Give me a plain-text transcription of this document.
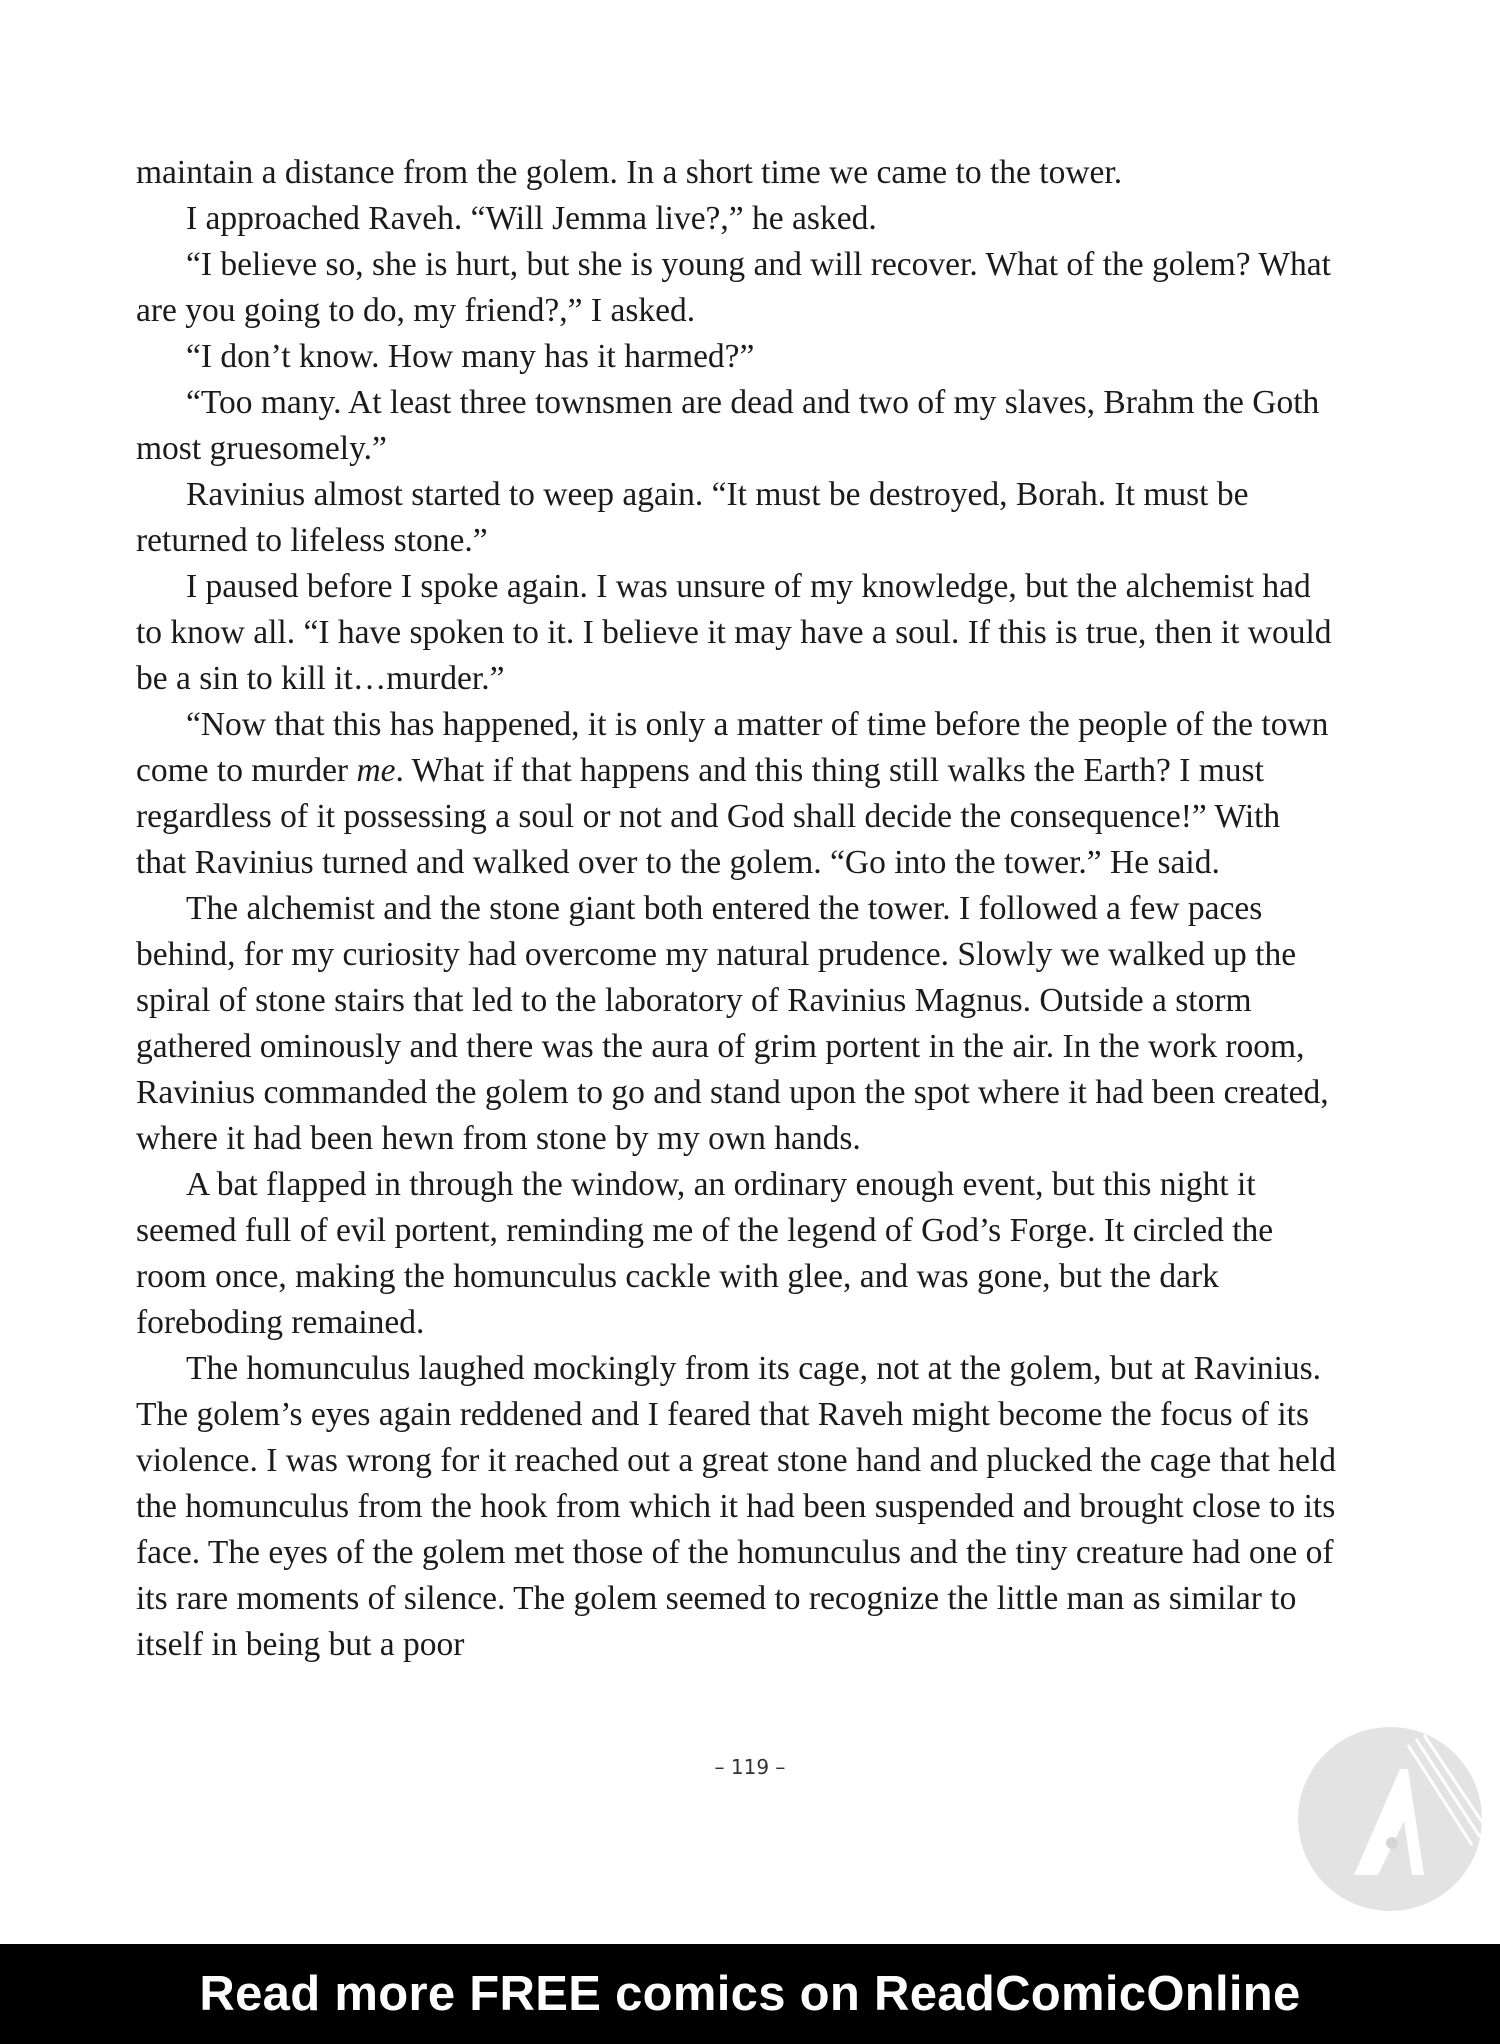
maintain a distance from the golem. In a short time we came to the tower.

I approached Raveh. “Will Jemma live?,” he asked.

“I believe so, she is hurt, but she is young and will recover. What of the golem? What are you going to do, my friend?,” I asked.

“I don’t know. How many has it harmed?”

“Too many. At least three townsmen are dead and two of my slaves, Brahm the Goth most gruesomely.”

Ravinius almost started to weep again. “It must be destroyed, Borah. It must be returned to lifeless stone.”

I paused before I spoke again. I was unsure of my knowledge, but the alchemist had to know all. “I have spoken to it. I believe it may have a soul. If this is true, then it would be a sin to kill it…murder.”

“Now that this has happened, it is only a matter of time before the people of the town come to murder me. What if that happens and this thing still walks the Earth? I must regardless of it possessing a soul or not and God shall decide the consequence!” With that Ravinius turned and walked over to the golem. “Go into the tower.” He said.

The alchemist and the stone giant both entered the tower. I followed a few paces behind, for my curiosity had overcome my natural prudence. Slowly we walked up the spiral of stone stairs that led to the laboratory of Ravinius Magnus. Outside a storm gathered ominously and there was the aura of grim portent in the air. In the work room, Ravinius commanded the golem to go and stand upon the spot where it had been created, where it had been hewn from stone by my own hands.

A bat flapped in through the window, an ordinary enough event, but this night it seemed full of evil portent, reminding me of the legend of God’s Forge. It circled the room once, making the homunculus cackle with glee, and was gone, but the dark foreboding remained.

The homunculus laughed mockingly from its cage, not at the golem, but at Ravinius. The golem’s eyes again reddened and I feared that Raveh might become the focus of its violence. I was wrong for it reached out a great stone hand and plucked the cage that held the homunculus from the hook from which it had been suspended and brought close to its face. The eyes of the golem met those of the homunculus and the tiny creature had one of its rare moments of silence. The golem seemed to recognize the little man as similar to itself in being but a poor

– 119 –
Read more FREE comics on ReadComicOnline
